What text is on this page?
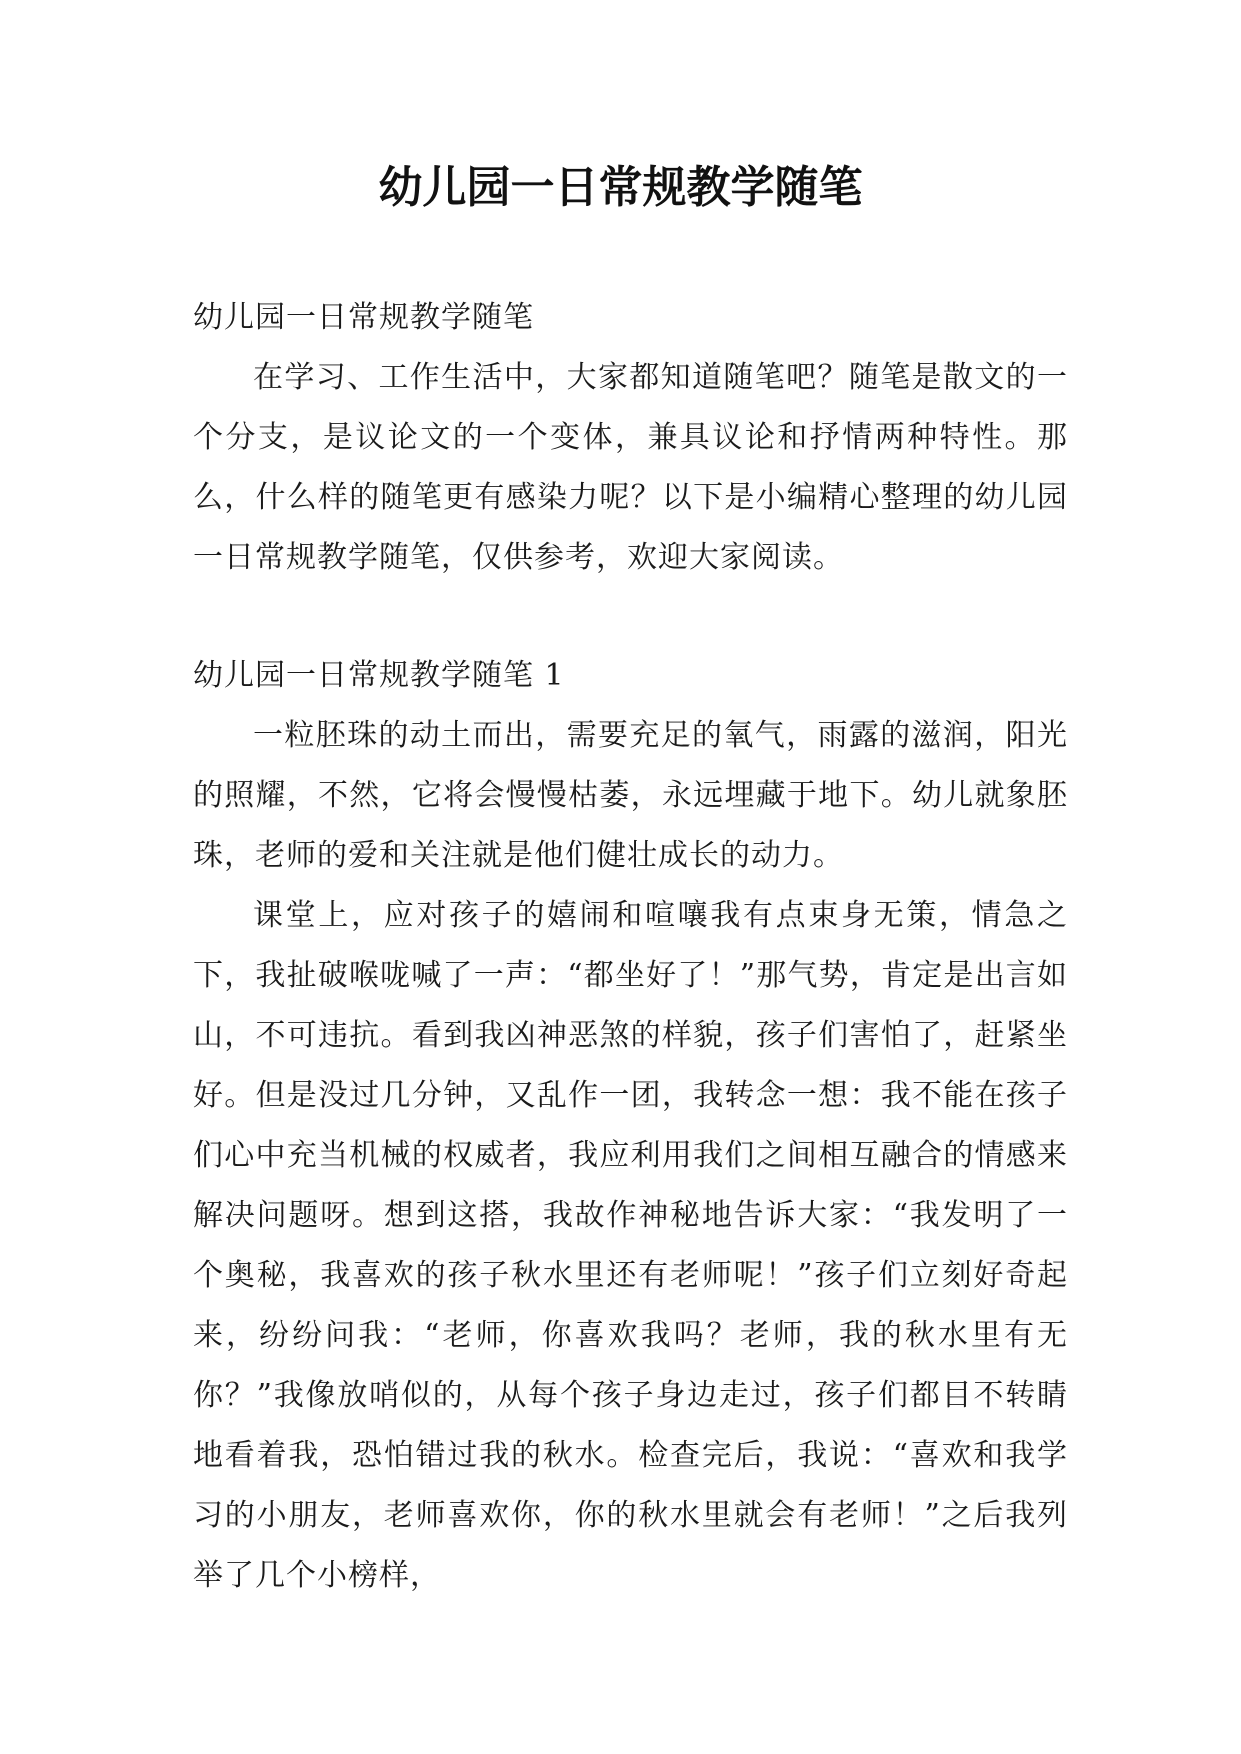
幼儿园一日常规教学随笔

幼儿园一日常规教学随笔

在学习、工作生活中，大家都知道随笔吧？随笔是散文的一个分支，是议论文的一个变体，兼具议论和抒情两种特性。那么，什么样的随笔更有感染力呢？以下是小编精心整理的幼儿园一日常规教学随笔，仅供参考，欢迎大家阅读。

幼儿园一日常规教学随笔 1

一粒胚珠的动土而出，需要充足的氧气，雨露的滋润，阳光的照耀，不然，它将会慢慢枯萎，永远埋藏于地下。幼儿就象胚珠，老师的爱和关注就是他们健壮成长的动力。

课堂上，应对孩子的嬉闹和喧嚷我有点束身无策，情急之下，我扯破喉咙喊了一声：“都坐好了！”那气势，肯定是出言如山，不可违抗。看到我凶神恶煞的样貌，孩子们害怕了，赶紧坐好。但是没过几分钟，又乱作一团，我转念一想：我不能在孩子们心中充当机械的权威者，我应利用我们之间相互融合的情感来解决问题呀。想到这搭，我故作神秘地告诉大家：“我发明了一个奥秘，我喜欢的孩子秋水里还有老师呢！”孩子们立刻好奇起来，纷纷问我：“老师，你喜欢我吗？老师，我的秋水里有无你？”我像放哨似的，从每个孩子身边走过，孩子们都目不转睛地看着我，恐怕错过我的秋水。检查完后，我说：“喜欢和我学习的小朋友，老师喜欢你，你的秋水里就会有老师！”之后我列举了几个小榜样，
